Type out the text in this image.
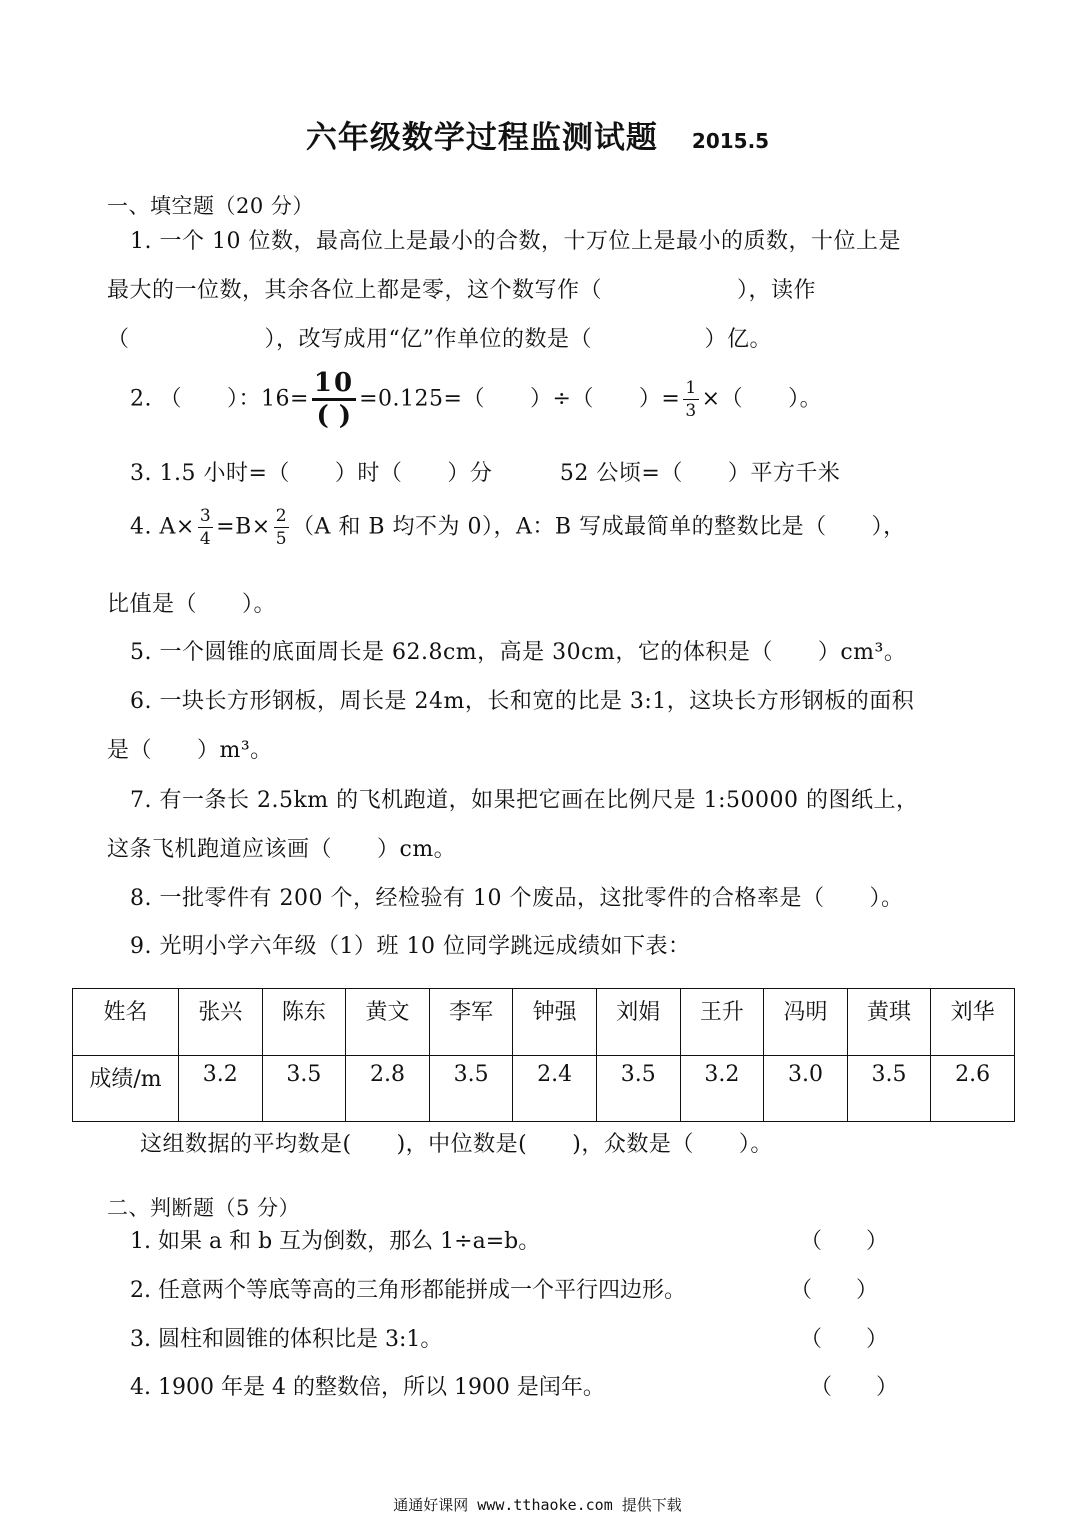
六年级数学过程监测试题 2015.5
一、填空题（20 分）
1. 一个 10 位数，最高位上是最小的合数，十万位上是最小的质数，十位上是
最大的一位数，其余各位上都是零，这个数写作（　　　　　　），读作
（　　　　　　），改写成用“亿”作单位的数是（　　　　　）亿。
2. （　　）：$16= \frac{10}{( )} =0.125=$（　　）÷（　　）= $\frac{1}{3}$ ×（　　）。
3. 1.5 小时=（　　）时（　　）分　　　52 公顷=（　　）平方千米
4. $A\times \frac{3}{4} =B\times \frac{2}{5} (A$ 和 B 均不为 0），A：B 写成最简单的整数比是（　　），
比值是（　　）。
5. 一个圆锥的底面周长是 62.8cm，高是 30cm，它的体积是（　　）cm³。
6. 一块长方形钢板，周长是 24m，长和宽的比是 3:1，这块长方形钢板的面积
是（　　）m³。
7. 有一条长 2.5km 的飞机跑道，如果把它画在比例尺是 1:50000 的图纸上，
这条飞机跑道应该画（　　）cm。
8. 一批零件有 200 个，经检验有 10 个废品，这批零件的合格率是（　　）。
9. 光明小学六年级（1）班 10 位同学跳远成绩如下表：
姓名	张兴	陈东	黄文	李军	钟强	刘娟	王升	冯明	黄琪	刘华
成绩/m	3.2	3.5	2.8	3.5	2.4	3.5	3.2	3.0	3.5	2.6
这组数据的平均数是(　　)，中位数是(　　)，众数是（　　）。
二、判断题（5 分）
1. 如果 a 和 b 互为倒数，那么 1÷a=b。	（　　）
2. 任意两个等底等高的三角形都能拼成一个平行四边形。	（　　）
3. 圆柱和圆锥的体积比是 3:1。	（　　）
4. 1900 年是 4 的整数倍，所以 1900 是闰年。	（　　）
通通好课网 www.tthaoke.com 提供下载
